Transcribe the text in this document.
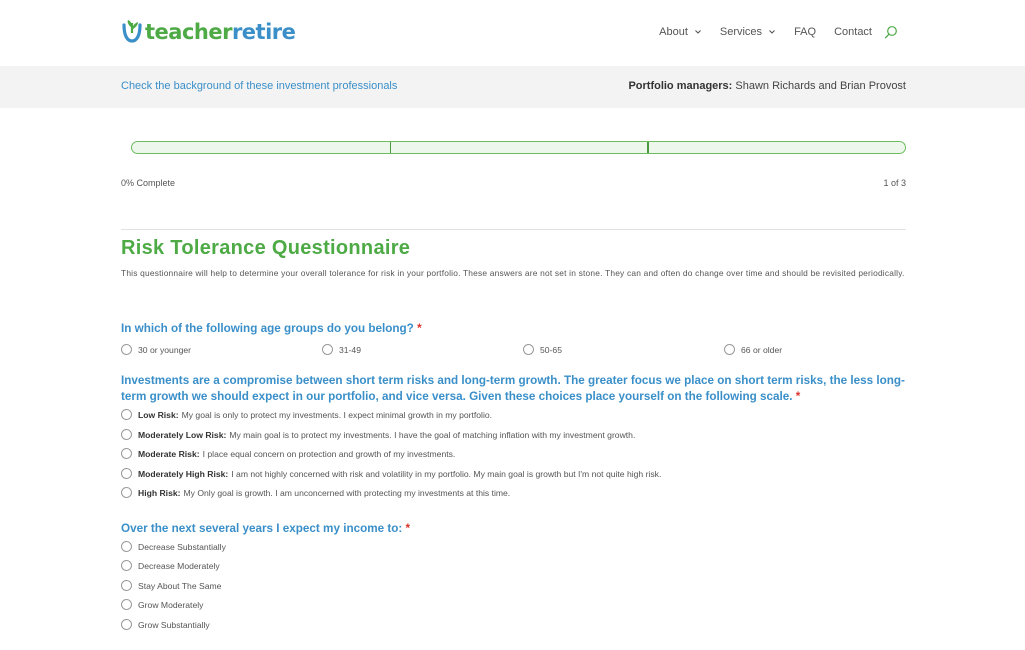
teacherretire	About	Services	FAQ Contact
Check the background of these investment professionals	Portfolio managers: Shawn Richards and Brian Provost
0% Complete	1 of 3
Risk Tolerance Questionnaire

This questionnaire will help to determine your overall tolerance for risk in your portfolio. These answers are not set in stone. They can and often do change over time and should be revisited periodically.

In which of the following age groups do you belong? *
30 or younger	31-49	50-65	66 or older
Investments are a compromise between short term risks and long-term growth. The greater focus we place on short term risks, the less long-term growth we should expect in our portfolio, and vice versa. Given these choices place yourself on the following scale. *
Low Risk: My goal is only to protect my investments. I expect minimal growth in my portfolio.
Moderately Low Risk: My main goal is to protect my investments. I have the goal of matching inflation with my investment growth.
Moderate Risk: I place equal concern on protection and growth of my investments.
Moderately High Risk: I am not highly concerned with risk and volatility in my portfolio. My main goal is growth but I'm not quite high risk.
High Risk: My Only goal is growth. I am unconcerned with protecting my investments at this time.
Over the next several years I expect my income to: *
Decrease Substantially
Decrease Moderately
Stay About The Same
Grow Moderately
Grow Substantially
